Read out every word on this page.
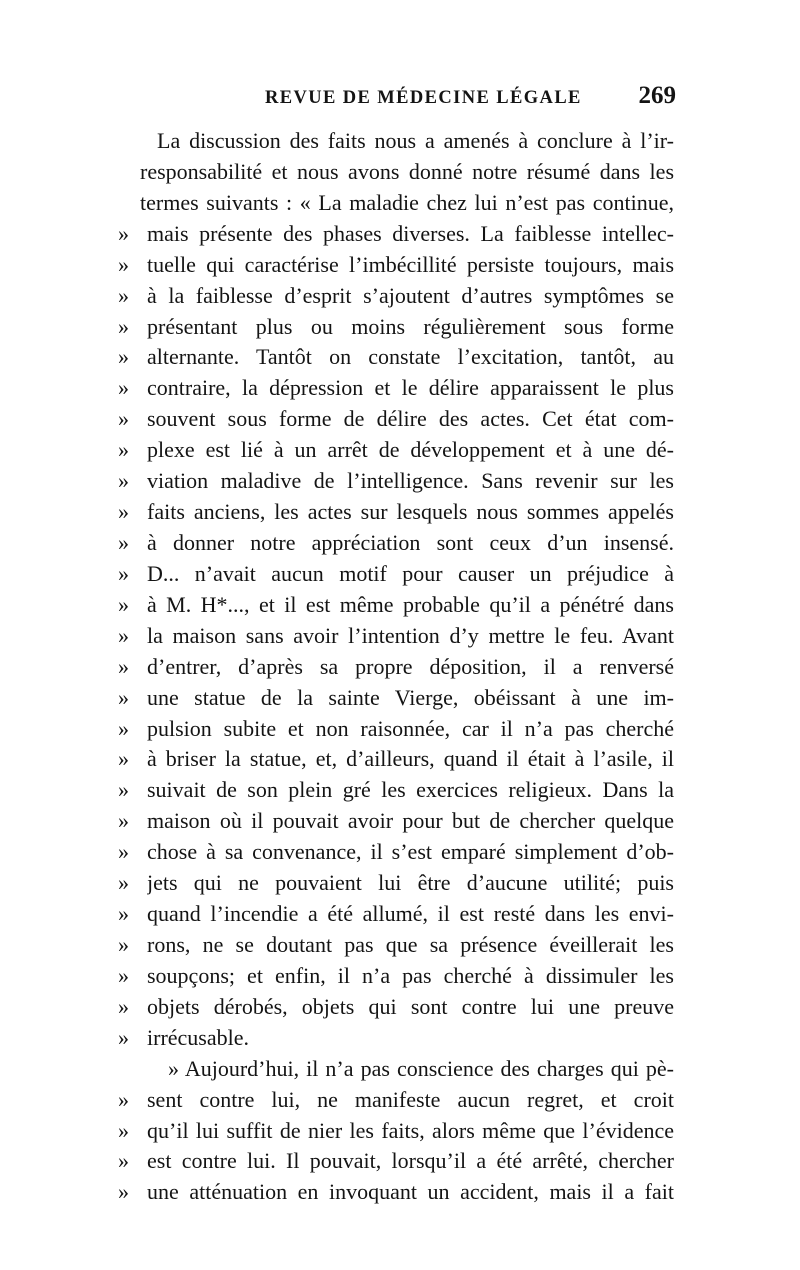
REVUE DE MÉDECINE LÉGALE 269
La discussion des faits nous a amenés à conclure à l’ir-
responsabilité et nous avons donné notre résumé dans les
termes suivants : « La maladie chez lui n’est pas continue,
» mais présente des phases diverses. La faiblesse intellec-
» tuelle qui caractérise l’imbécillité persiste toujours, mais
» à la faiblesse d’esprit s’ajoutent d’autres symptômes se
» présentant plus ou moins régulièrement sous forme
» alternante. Tantôt on constate l’excitation, tantôt, au
» contraire, la dépression et le délire apparaissent le plus
» souvent sous forme de délire des actes. Cet état com-
» plexe est lié à un arrêt de développement et à une dé-
» viation maladive de l’intelligence. Sans revenir sur les
» faits anciens, les actes sur lesquels nous sommes appelés
» à donner notre appréciation sont ceux d’un insensé.
» D... n’avait aucun motif pour causer un préjudice à
» à M. H*..., et il est même probable qu’il a pénétré dans
» la maison sans avoir l’intention d’y mettre le feu. Avant
» d’entrer, d’après sa propre déposition, il a renversé
» une statue de la sainte Vierge, obéissant à une im-
» pulsion subite et non raisonnée, car il n’a pas cherché
» à briser la statue, et, d’ailleurs, quand il était à l’asile, il
» suivait de son plein gré les exercices religieux. Dans la
» maison où il pouvait avoir pour but de chercher quelque
» chose à sa convenance, il s’est emparé simplement d’ob-
» jets qui ne pouvaient lui être d’aucune utilité; puis
» quand l’incendie a été allumé, il est resté dans les envi-
» rons, ne se doutant pas que sa présence éveillerait les
» soupçons; et enfin, il n’a pas cherché à dissimuler les
» objets dérobés, objets qui sont contre lui une preuve
» irrécusable.
» Aujourd’hui, il n’a pas conscience des charges qui pè-
» sent contre lui, ne manifeste aucun regret, et croit
» qu’il lui suffit de nier les faits, alors même que l’évidence
» est contre lui. Il pouvait, lorsqu’il a été arrêté, chercher
» une atténuation en invoquant un accident, mais il a fait
